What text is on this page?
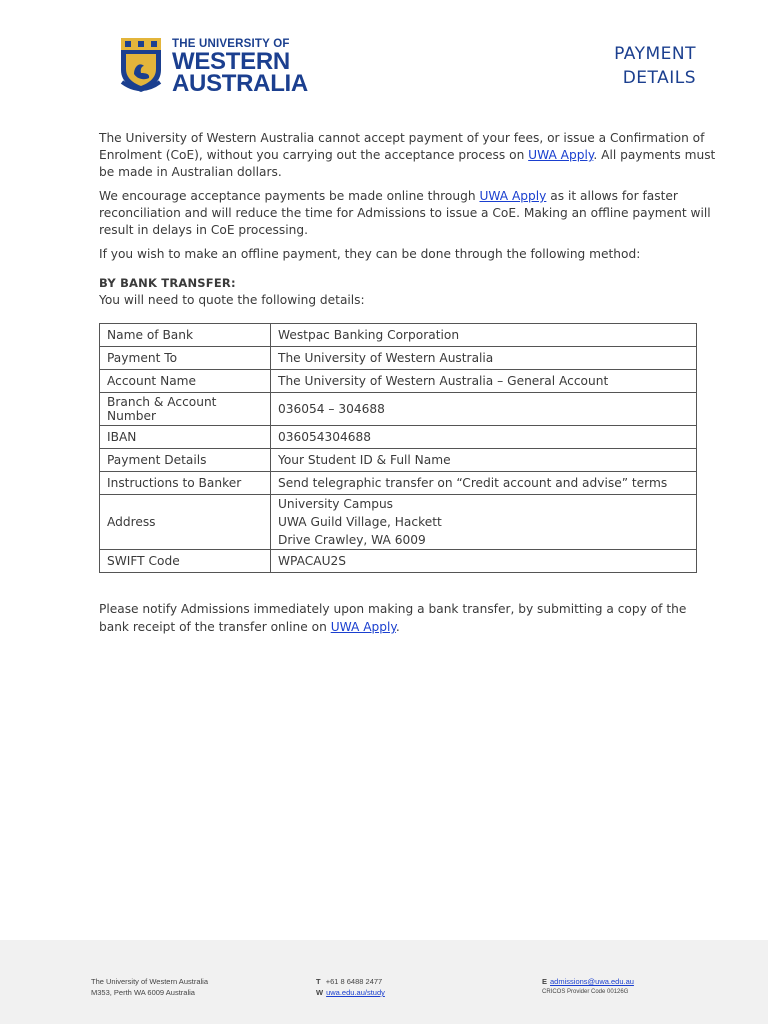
THE UNIVERSITY OF
WESTERN
AUSTRALIA
PAYMENT
DETAILS

The University of Western Australia cannot accept payment of your fees, or issue a Confirmation of Enrolment (CoE), without you carrying out the acceptance process on UWA Apply. All payments must be made in Australian dollars.

We encourage acceptance payments be made online through UWA Apply as it allows for faster reconciliation and will reduce the time for Admissions to issue a CoE. Making an offline payment will result in delays in CoE processing.

If you wish to make an offline payment, they can be done through the following method:

BY BANK TRANSFER:
You will need to quote the following details:
Name of Bank	Westpac Banking Corporation
Payment To	The University of Western Australia
Account Name	The University of Western Australia – General Account
Branch & Account Number	036054 – 304688
IBAN	036054304688
Payment Details	Your Student ID & Full Name
Instructions to Banker	Send telegraphic transfer on “Credit account and advise” terms
Address	University Campus
UWA Guild Village, Hackett
Drive Crawley, WA 6009

SWIFT Code	WPACAU2S
Please notify Admissions immediately upon making a bank transfer, by submitting a copy of the bank receipt of the transfer online on UWA Apply.
The University of Western Australia
M353, Perth WA 6009 Australia
T +61 8 6488 2477
W uwa.edu.au/study
E admissions@uwa.edu.au
CRICOS Provider Code 00126G
